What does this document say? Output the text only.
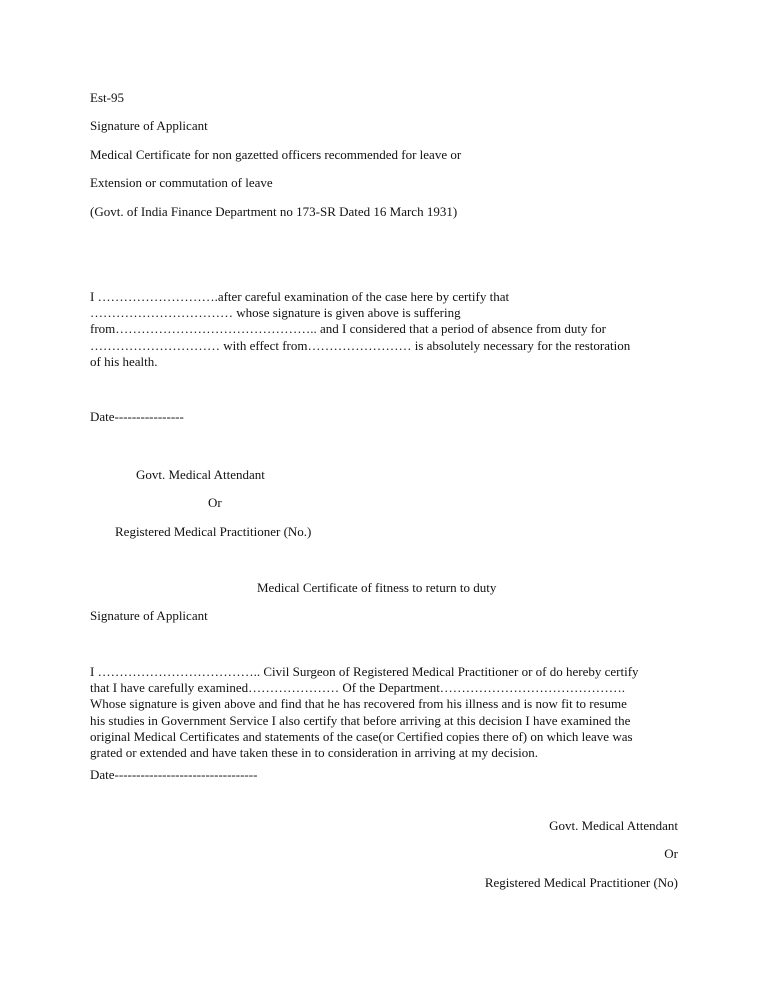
Est-95
Signature of Applicant
Medical Certificate for non gazetted officers recommended for leave or
Extension or commutation of leave
(Govt. of India Finance Department no 173-SR Dated 16 March 1931)
I ……………………….after careful examination of the case here by certify that
…………………………… whose signature is given above is suffering
from……………………………………….. and I considered that a period of absence from duty for
………………………… with effect from…………………… is absolutely necessary for the restoration
of his health.
Date----------------
Govt. Medical Attendant
Or
Registered Medical Practitioner (No.)
Medical Certificate of fitness to return to duty
Signature of Applicant
I ……………………………….. Civil Surgeon of Registered Medical Practitioner or of do hereby certify
that I have carefully examined………………… Of the Department…………………………………….
Whose signature is given above and find that he has recovered from his illness and is now fit to resume
his studies in Government Service I also certify that before arriving at this decision I have examined the
original Medical Certificates and statements of the case(or Certified copies there of) on which leave was
grated or extended and have taken these in to consideration in arriving at my decision.
Date---------------------------------
Govt. Medical Attendant
Or
Registered Medical Practitioner (No)
